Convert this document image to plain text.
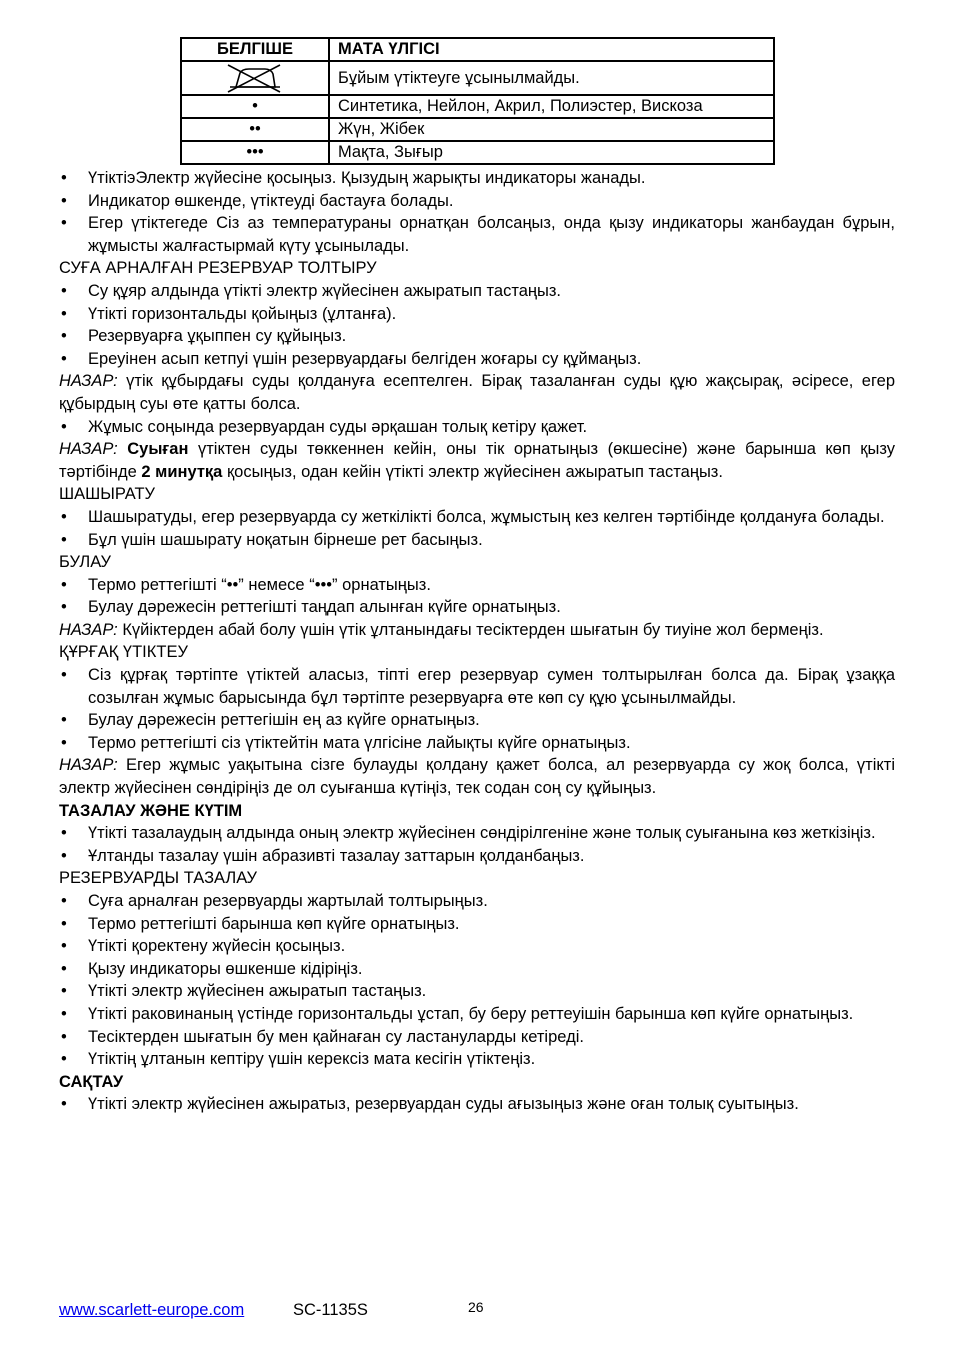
БЕЛГІШЕ	МАТА ҮЛГІСІ

	Бұйым үтіктеуге ұсынылмайды.
•	Синтетика, Нейлон, Акрил, Полиэстер, Вискоза
••	Жүн, Жібек
•••	Мақта, Зығыр
• ҮтіктіэЭлектр жүйесіне қосыңыз. Қызудың жарықты индикаторы жанады.
• Индикатор өшкенде, үтіктеуді бастауға болады.
• Егер үтіктегеде Сіз аз температураны орнатқан болсаңыз, онда қызу индикаторы жанбаудан бұрын, жұмысты жалғастырмай күту ұсынылады.

СУҒА АРНАЛҒАН РЕЗЕРВУАР ТОЛТЫРУ

• Су құяр алдында үтікті электр жүйесінен ажыратып тастаңыз.
• Үтікті горизонтальды қойыңыз (ұлтанға).
• Резервуарға ұқыппен су құйыңыз.
• Ереуінен асып кетпуі үшін резервуардағы белгіден жоғары су құймаңыз.

НАЗАР: үтік құбырдағы суды қолдануға есептелген. Бірақ тазаланған суды құю жақсырақ, әсіресе, егер құбырдың суы өте қатты болса.

• Жұмыс соңында резервуардан суды әрқашан толық кетіру қажет.

НАЗАР: Суыған үтіктен суды төккеннен кейін, оны тік орнатыңыз (өкшесіне) және барынша көп қызу тәртібінде 2 минутқа қосыңыз, одан кейін үтікті электр жүйесінен ажыратып тастаңыз.

ШАШЫРАТУ

• Шашыратуды, егер резервуарда су жеткілікті болса, жұмыстың кез келген тәртібінде қолдануға болады.
• Бұл үшін шашырату ноқатын бірнеше рет басыңыз.

БУЛАУ

• Термо реттегішті “••” немесе “•••” орнатыңыз.
• Булау дәрежесін реттегішті таңдап алынған күйге орнатыңыз.

НАЗАР: Күйіктерден абай болу үшін үтік ұлтанындағы тесіктерден шығатын бу тиуіне жол бермеңіз.

ҚҰРҒАҚ ҮТІКТЕУ

• Сіз құрғақ тәртіпте үтіктей аласыз, тіпті егер резервуар сумен толтырылған болса да. Бірақ ұзаққа созылған жұмыс барысында бұл тәртіпте резервуарға өте көп су құю ұсынылмайды.
• Булау дәрежесін реттегішін ең аз күйге орнатыңыз.
• Термо реттегішті сіз үтіктейтін мата үлгісіне лайықты күйге орнатыңыз.

НАЗАР: Егер жұмыс уақытына сізге булауды қолдану қажет болса, ал резервуарда су жоқ болса, үтікті электр жүйесінен сөндіріңіз де ол суығанша күтіңіз, тек содан соң су құйыңыз.

ТАЗАЛАУ ЖӘНЕ КҮТІМ

• Үтікті тазалаудың алдында оның электр жүйесінен сөндірілгеніне және толық суығанына көз жеткізіңіз.
• Ұлтанды тазалау үшін абразивті тазалау заттарын қолданбаңыз.

РЕЗЕРВУАРДЫ ТАЗАЛАУ

• Суға арналған резервуарды жартылай толтырыңыз.
• Термо реттегішті барынша көп күйге орнатыңыз.
• Үтікті қоректену жүйесін қосыңыз.
• Қызу индикаторы өшкенше кідіріңіз.
• Үтікті электр жүйесінен ажыратып тастаңыз.
• Үтікті раковинаның үстінде горизонтальды ұстап, бу беру реттеуішін барынша көп күйге орнатыңыз.
• Тесіктерден шығатын бу мен қайнаған су ластануларды кетіреді.
• Үтіктің ұлтанын кептіру үшін керексіз мата кесігін үтіктеңіз.

САҚТАУ

• Үтікті электр жүйесінен ажыратыз, резервуардан суды ағызыңыз және оған толық суытыңыз.
www.scarlett-europe.com	SC-1135S	26
